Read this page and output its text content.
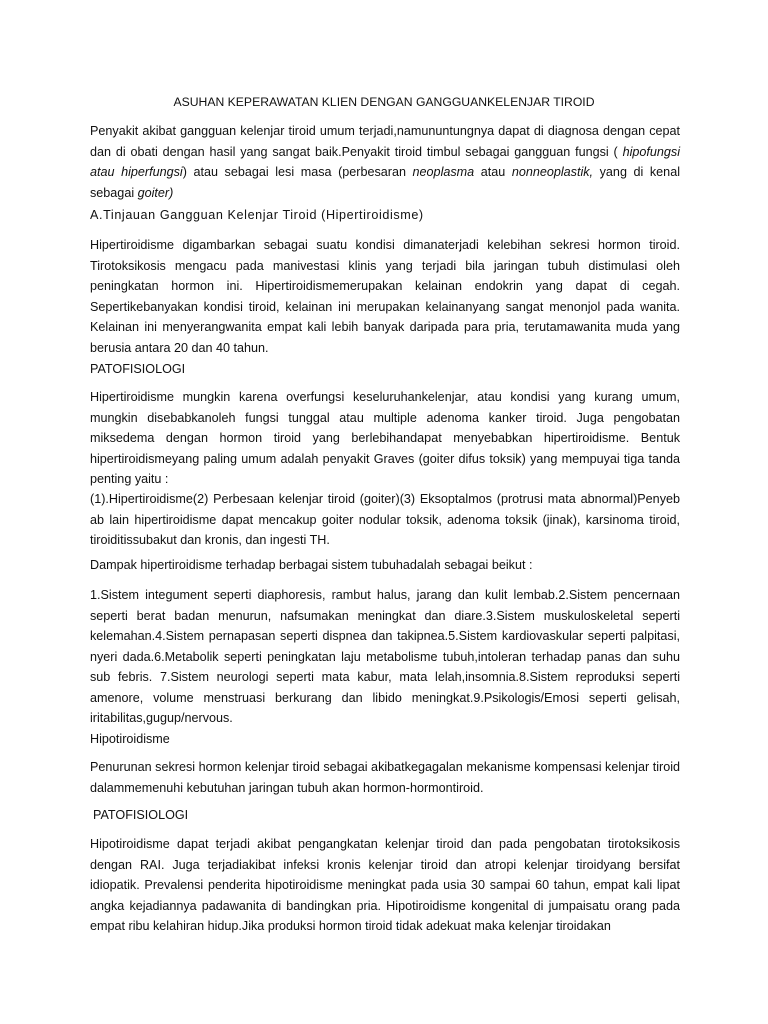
ASUHAN KEPERAWATAN KLIEN DENGAN GANGGUANKELENJAR TIROID

Penyakit akibat gangguan kelenjar tiroid umum terjadi,namununtungnya dapat di diagnosa dengan cepat dan di obati dengan hasil yang sangat baik.Penyakit tiroid timbul sebagai gangguan fungsi ( hipofungsi atau hiperfungsi) atau sebagai lesi masa (perbesaran neoplasma atau nonneoplastik, yang di kenal sebagai goiter)

A.Tinjauan Gangguan Kelenjar Tiroid (Hipertiroidisme)

Hipertiroidisme digambarkan sebagai suatu kondisi dimanaterjadi kelebihan sekresi hormon tiroid. Tirotoksikosis mengacu pada manivestasi klinis yang terjadi bila jaringan tubuh distimulasi oleh peningkatan hormon ini. Hipertiroidismemerupakan kelainan endokrin yang dapat di cegah. Sepertikebanyakan kondisi tiroid, kelainan ini merupakan kelainanyang sangat menonjol pada wanita. Kelainan ini menyerangwanita empat kali lebih banyak daripada para pria, terutamawanita muda yang berusia antara 20 dan 40 tahun.

PATOFISIOLOGI

Hipertiroidisme mungkin karena overfungsi keseluruhankelenjar, atau kondisi yang kurang umum, mungkin disebabkanoleh fungsi tunggal atau multiple adenoma kanker tiroid. Juga pengobatan miksedema dengan hormon tiroid yang berlebihandapat menyebabkan hipertiroidisme. Bentuk hipertiroidismeyang paling umum adalah penyakit Graves (goiter difus toksik) yang mempuyai tiga tanda penting yaitu :

(1).Hipertiroidisme(2) Perbesaan kelenjar tiroid (goiter)(3) Eksoptalmos (protrusi mata abnormal)Penyeb ab lain hipertiroidisme dapat mencakup goiter nodular toksik, adenoma toksik (jinak), karsinoma tiroid, tiroiditissubakut dan kronis, dan ingesti TH.

Dampak hipertiroidisme terhadap berbagai sistem tubuhadalah sebagai beikut :

1.Sistem integument seperti diaphoresis, rambut halus, jarang dan kulit lembab.2.Sistem pencernaan seperti berat badan menurun, nafsumakan meningkat dan diare.3.Sistem muskuloskeletal seperti kelemahan.4.Sistem pernapasan seperti dispnea dan takipnea.5.Sistem kardiovaskular seperti palpitasi, nyeri dada.6.Metabolik seperti peningkatan laju metabolisme tubuh,intoleran terhadap panas dan suhu sub febris. 7.Sistem neurologi seperti mata kabur, mata lelah,insomnia.8.Sistem reproduksi seperti amenore, volume menstruasi berkurang dan libido meningkat.9.Psikologis/Emosi seperti gelisah, iritabilitas,gugup/nervous.

Hipotiroidisme

Penurunan sekresi hormon kelenjar tiroid sebagai akibatkegagalan mekanisme kompensasi kelenjar tiroid dalammemenuhi kebutuhan jaringan tubuh akan hormon-hormontiroid.

PATOFISIOLOGI

Hipotiroidisme dapat terjadi akibat pengangkatan kelenjar tiroid dan pada pengobatan tirotoksikosis dengan RAI. Juga terjadiakibat infeksi kronis kelenjar tiroid dan atropi kelenjar tiroidyang bersifat idiopatik. Prevalensi penderita hipotiroidisme meningkat pada usia 30 sampai 60 tahun, empat kali lipat angka kejadiannya padawanita di bandingkan pria. Hipotiroidisme kongenital di jumpaisatu orang pada empat ribu kelahiran hidup.Jika produksi hormon tiroid tidak adekuat maka kelenjar tiroidakan
